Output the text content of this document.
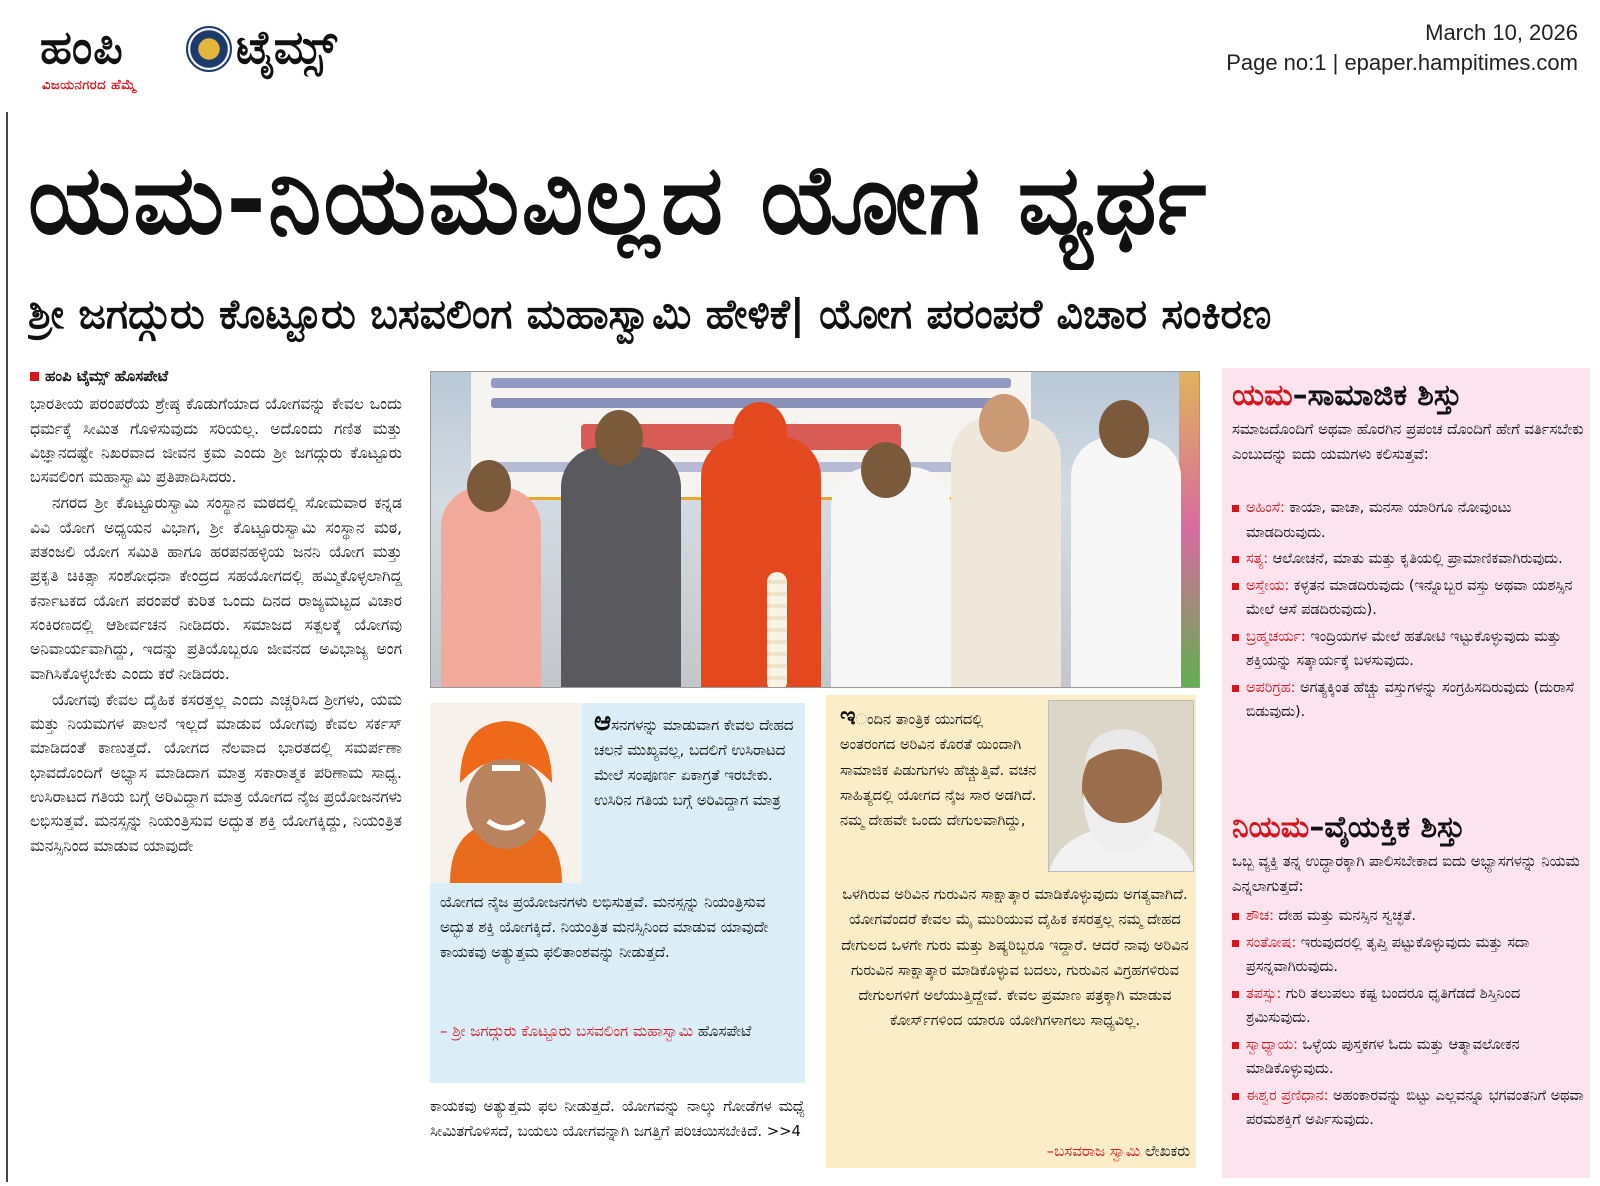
ಹಂಪಿ ಟೈಮ್ಸ್
ವಿಜಯನಗರದ ಹೆಮ್ಮೆ
March 10, 2026
Page no:1 | epaper.hampitimes.com
ಯಮ-ನಿಯಮವಿಲ್ಲದ ಯೋಗ ವ್ಯರ್ಥ
ಶ್ರೀ ಜಗದ್ಗುರು ಕೊಟ್ಟೂರು ಬಸವಲಿಂಗ ಮಹಾಸ್ವಾಮಿ ಹೇಳಿಕೆ| ಯೋಗ ಪರಂಪರೆ ವಿಚಾರ ಸಂಕಿರಣ
ಹಂಪಿ ಟೈಮ್ಸ್ ಹೊಸಪೇಟೆ

ಭಾರತೀಯ ಪರಂಪರೆಯ ಶ್ರೇಷ್ಠ ಕೊಡುಗೆಯಾದ ಯೋಗವನ್ನು ಕೇವಲ ಒಂದು ಧರ್ಮಕ್ಕೆ ಸೀಮಿತ ಗೊಳಿಸುವುದು ಸರಿಯಲ್ಲ. ಅದೊಂದು ಗಣಿತ ಮತ್ತು ವಿಜ್ಞಾನದಷ್ಟೇ ನಿಖರವಾದ ಜೀವನ ಕ್ರಮ ಎಂದು ಶ್ರೀ ಜಗದ್ಗುರು ಕೊಟ್ಟೂರು ಬಸವಲಿಂಗ ಮಹಾಸ್ವಾಮಿ ಪ್ರತಿಪಾದಿಸಿದರು.

ನಗರದ ಶ್ರೀ ಕೊಟ್ಟೂರುಸ್ವಾಮಿ ಸಂಸ್ಥಾನ ಮಠದಲ್ಲಿ ಸೋಮವಾರ ಕನ್ನಡ ವಿವಿ ಯೋಗ ಅಧ್ಯಯನ ವಿಭಾಗ, ಶ್ರೀ ಕೊಟ್ಟೂರುಸ್ವಾಮಿ ಸಂಸ್ಥಾನ ಮಠ, ಪತಂಜಲಿ ಯೋಗ ಸಮಿತಿ ಹಾಗೂ ಹರಪನಹಳ್ಳಿಯ ಜನನಿ ಯೋಗ ಮತ್ತು ಪ್ರಕೃತಿ ಚಿಕಿತ್ಸಾ ಸಂಶೋಧನಾ ಕೇಂದ್ರದ ಸಹಯೋಗದಲ್ಲಿ ಹಮ್ಮಿಕೊಳ್ಳಲಾಗಿದ್ದ ಕರ್ನಾಟಕದ ಯೋಗ ಪರಂಪರೆ ಕುರಿತ ಒಂದು ದಿನದ ರಾಜ್ಯಮಟ್ಟದ ವಿಚಾರ ಸಂಕಿರಣದಲ್ಲಿ ಆಶೀರ್ವಚನ ನೀಡಿದರು. ಸಮಾಜದ ಸತ್ಪಲಕ್ಕೆ ಯೋಗವು ಅನಿವಾರ್ಯವಾಗಿದ್ದು, ಇದನ್ನು ಪ್ರತಿಯೊಬ್ಬರೂ ಜೀವನದ ಅವಿಭಾಜ್ಯ ಅಂಗ ವಾಗಿಸಿಕೊಳ್ಳಬೇಕು ಎಂದು ಕರೆ ನೀಡಿದರು.

ಯೋಗವು ಕೇವಲ ದೈಹಿಕ ಕಸರತ್ತಲ್ಲ ಎಂದು ಎಚ್ಚರಿಸಿದ ಶ್ರೀಗಳು, ಯಮ ಮತ್ತು ನಿಯಮಗಳ ಪಾಲನೆ ಇಲ್ಲದೆ ಮಾಡುವ ಯೋಗವು ಕೇವಲ ಸರ್ಕಸ್ ಮಾಡಿದಂತೆ ಕಾಣುತ್ತದೆ. ಯೋಗದ ನೆಲವಾದ ಭಾರತದಲ್ಲಿ ಸಮರ್ಪಣಾ ಭಾವದೊಂದಿಗೆ ಅಭ್ಯಾಸ ಮಾಡಿದಾಗ ಮಾತ್ರ ಸಕಾರಾತ್ಮಕ ಪರಿಣಾಮ ಸಾಧ್ಯ. ಉಸಿರಾಟದ ಗತಿಯ ಬಗ್ಗೆ ಅರಿವಿದ್ದಾಗ ಮಾತ್ರ ಯೋಗದ ನೈಜ ಪ್ರಯೋಜನಗಳು ಲಭಿಸುತ್ತವೆ. ಮನಸ್ಸನ್ನು ನಿಯಂತ್ರಿಸುವ ಅದ್ಭುತ ಶಕ್ತಿ ಯೋಗಕ್ಕಿದ್ದು, ನಿಯಂತ್ರಿತ ಮನಸ್ಸಿನಿಂದ ಮಾಡುವ ಯಾವುದೇ

ಆಸನಗಳನ್ನು ಮಾಡುವಾಗ ಕೇವಲ ದೇಹದ ಚಲನೆ ಮುಖ್ಯವಲ್ಲ, ಬದಲಿಗೆ ಉಸಿರಾಟದ ಮೇಲೆ ಸಂಪೂರ್ಣ ಏಕಾಗ್ರತೆ ಇರಬೇಕು. ಉಸಿರಿನ ಗತಿಯ ಬಗ್ಗೆ ಅರಿವಿದ್ದಾಗ ಮಾತ್ರ
ಯೋಗದ ನೈಜ ಪ್ರಯೋಜನಗಳು ಲಭಿಸುತ್ತವೆ. ಮನಸ್ಸನ್ನು ನಿಯಂತ್ರಿಸುವ ಅದ್ಭುತ ಶಕ್ತಿ ಯೋಗಕ್ಕಿದೆ. ನಿಯಂತ್ರಿತ ಮನಸ್ಸಿನಿಂದ ಮಾಡುವ ಯಾವುದೇ ಕಾಯಕವು ಅತ್ಯುತ್ತಮ ಫಲಿತಾಂಶವನ್ನು ನೀಡುತ್ತದೆ.
– ಶ್ರೀ ಜಗದ್ಗುರು ಕೊಟ್ಟೂರು ಬಸವಲಿಂಗ ಮಹಾಸ್ವಾಮಿ ಹೊಸಪೇಟೆ
ಕಾಯಕವು ಅತ್ಯುತ್ತಮ ಫಲ ನೀಡುತ್ತದೆ. ಯೋಗವನ್ನು ನಾಲ್ಕು ಗೋಡೆಗಳ ಮಧ್ಯೆ ಸೀಮಿತಗೊಳಿಸದೆ, ಬಯಲು ಯೋಗವನ್ನಾಗಿ ಜಗತ್ತಿಗೆ ಪರಿಚಯಿಸಬೇಕಿದೆ. >>4
ಇಂದಿನ ತಾಂತ್ರಿಕ ಯುಗದಲ್ಲಿ ಅಂತರಂಗದ ಅರಿವಿನ ಕೊರತೆ ಯಿಂದಾಗಿ ಸಾಮಾಜಿಕ ಪಿಡುಗುಗಳು ಹೆಚ್ಚುತ್ತಿವೆ. ವಚನ ಸಾಹಿತ್ಯದಲ್ಲಿ ಯೋಗದ ನೈಜ ಸಾರ ಅಡಗಿದೆ. ನಮ್ಮ ದೇಹವೇ ಒಂದು ದೇಗುಲವಾಗಿದ್ದು,
ಒಳಗಿರುವ ಅರಿವಿನ ಗುರುವಿನ ಸಾಕ್ಷಾತ್ಕಾರ ಮಾಡಿಕೊಳ್ಳುವುದು ಅಗತ್ಯವಾಗಿದೆ. ಯೋಗವೆಂದರೆ ಕೇವಲ ಮೈ ಮುರಿಯುವ ದೈಹಿಕ ಕಸರತ್ತಲ್ಲ ನಮ್ಮ ದೇಹದ ದೇಗುಲದ ಒಳಗೇ ಗುರು ಮತ್ತು ಶಿಷ್ಯರಿಬ್ಬರೂ ಇದ್ದಾರೆ. ಆದರೆ ನಾವು ಅರಿವಿನ ಗುರುವಿನ ಸಾಕ್ಷಾತ್ಕಾರ ಮಾಡಿಕೊಳ್ಳುವ ಬದಲು, ಗುರುವಿನ ವಿಗ್ರಹಗಳಿರುವ ದೇಗುಲಗಳಿಗೆ ಅಲೆಯುತ್ತಿದ್ದೇವೆ. ಕೇವಲ ಪ್ರಮಾಣ ಪತ್ರಕ್ಕಾಗಿ ಮಾಡುವ ಕೋರ್ಸ್‌ಗಳಿಂದ ಯಾರೂ ಯೋಗಿಗಳಾಗಲು ಸಾಧ್ಯವಿಲ್ಲ.
–ಬಸವರಾಜ ಸ್ವಾಮಿ ಲೇಖಕರು
ಯಮ–ಸಾಮಾಜಿಕ ಶಿಸ್ತು
ಸಮಾಜದೊಂದಿಗೆ ಅಥವಾ ಹೊರಗಿನ ಪ್ರಪಂಚ ದೊಂದಿಗೆ ಹೇಗೆ ವರ್ತಿಸಬೇಕು ಎಂಬುದನ್ನು ಐದು ಯಮಗಳು ಕಲಿಸುತ್ತವೆ:
ಅಹಿಂಸೆ: ಕಾಯಾ, ವಾಚಾ, ಮನಸಾ ಯಾರಿಗೂ ನೋವುಂಟು ಮಾಡದಿರುವುದು.
ಸತ್ಯ: ಆಲೋಚನೆ, ಮಾತು ಮತ್ತು ಕೃತಿಯಲ್ಲಿ ಪ್ರಾಮಾಣಿಕವಾಗಿರುವುದು.
ಅಸ್ತೇಯ: ಕಳ್ಳತನ ಮಾಡದಿರುವುದು (ಇನ್ನೊಬ್ಬರ ವಸ್ತು ಅಥವಾ ಯಶಸ್ಸಿನ ಮೇಲೆ ಆಸೆ ಪಡದಿರುವುದು).
ಬ್ರಹ್ಮಚರ್ಯ: ಇಂದ್ರಿಯಗಳ ಮೇಲೆ ಹತೋಟಿ ಇಟ್ಟುಕೊಳ್ಳುವುದು ಮತ್ತು ಶಕ್ತಿಯನ್ನು ಸತ್ಕಾರ್ಯಕ್ಕೆ ಬಳಸುವುದು.
ಅಪರಿಗ್ರಹ: ಅಗತ್ಯಕ್ಕಿಂತ ಹೆಚ್ಚು ವಸ್ತುಗಳನ್ನು ಸಂಗ್ರಹಿಸದಿರುವುದು (ದುರಾಸೆ ಬಿಡುವುದು).
ನಿಯಮ–ವೈಯಕ್ತಿಕ ಶಿಸ್ತು
ಒಬ್ಬ ವ್ಯಕ್ತಿ ತನ್ನ ಉದ್ಧಾರಕ್ಕಾಗಿ ಪಾಲಿಸಬೇಕಾದ ಐದು ಅಭ್ಯಾಸಗಳನ್ನು ನಿಯಮ ಎನ್ನಲಾಗುತ್ತದೆ:
ಶೌಚ: ದೇಹ ಮತ್ತು ಮನಸ್ಸಿನ ಸ್ವಚ್ಛತೆ.
ಸಂತೋಷ: ಇರುವುದರಲ್ಲಿ ತೃಪ್ತಿ ಪಟ್ಟುಕೊಳ್ಳುವುದು ಮತ್ತು ಸದಾ ಪ್ರಸನ್ನವಾಗಿರುವುದು.
ತಪಸ್ಸು: ಗುರಿ ತಲುಪಲು ಕಷ್ಟ ಬಂದರೂ ಧೃತಿಗೆಡದೆ ಶಿಸ್ತಿನಿಂದ ಶ್ರಮಿಸುವುದು.
ಸ್ವಾಧ್ಯಾಯ: ಒಳ್ಳೆಯ ಪುಸ್ತಕಗಳ ಓದು ಮತ್ತು ಆತ್ಮಾವಲೋಕನ ಮಾಡಿಕೊಳ್ಳುವುದು.
ಈಶ್ವರ ಪ್ರಣಿಧಾನ: ಅಹಂಕಾರವನ್ನು ಬಿಟ್ಟು ಎಲ್ಲವನ್ನೂ ಭಗವಂತನಿಗೆ ಅಥವಾ ಪರಮಶಕ್ತಿಗೆ ಅರ್ಪಿಸುವುದು.
